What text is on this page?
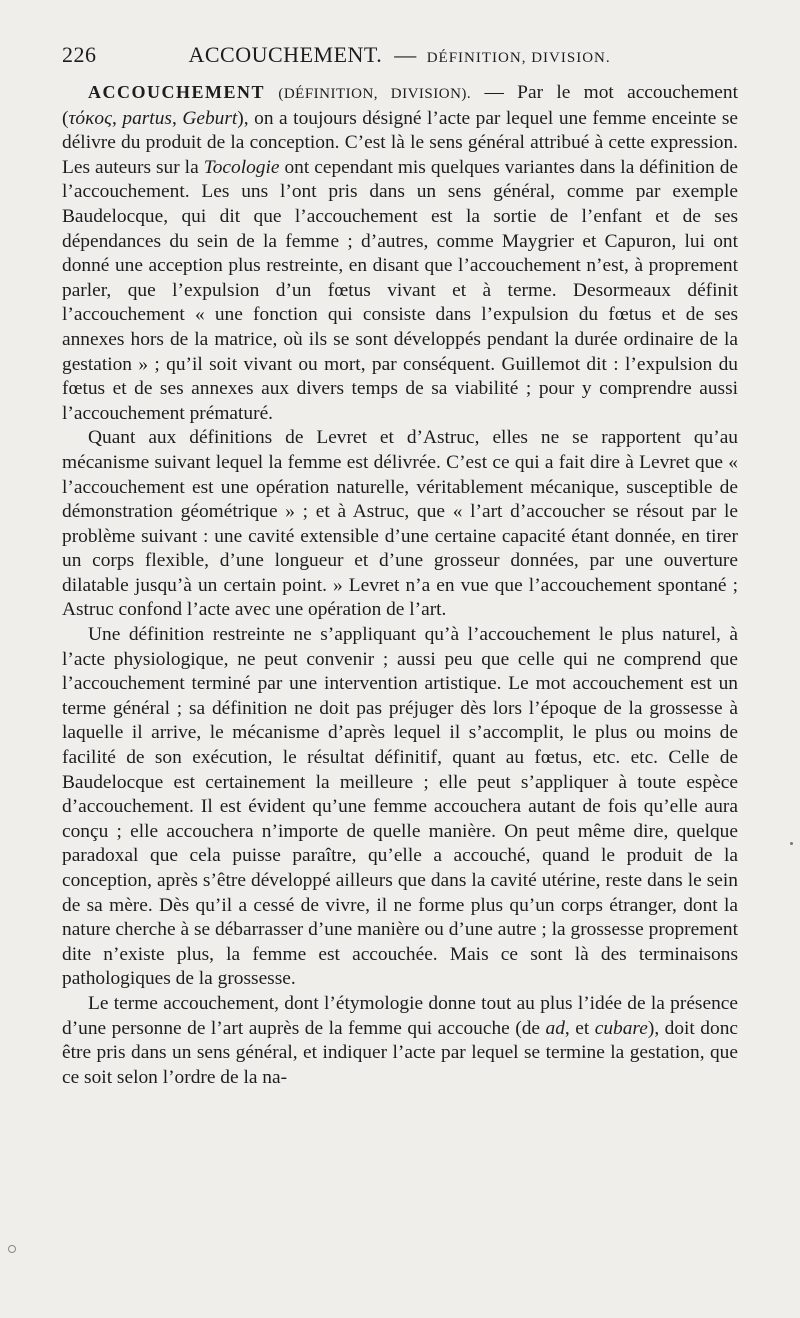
226	ACCOUCHEMENT. — DÉFINITION, DIVISION.

ACCOUCHEMENT (DÉFINITION, DIVISION). — Par le mot accouchement (τόκος, partus, Geburt), on a toujours désigné l’acte par lequel une femme enceinte se délivre du produit de la conception. C’est là le sens général attribué à cette expression. Les auteurs sur la Tocologie ont cependant mis quelques variantes dans la définition de l’accouchement. Les uns l’ont pris dans un sens général, comme par exemple Baudelocque, qui dit que l’accouchement est la sortie de l’enfant et de ses dépendances du sein de la femme ; d’autres, comme Maygrier et Capuron, lui ont donné une acception plus restreinte, en disant que l’accouchement n’est, à proprement parler, que l’expulsion d’un fœtus vivant et à terme. Desormeaux définit l’accouchement « une fonction qui consiste dans l’expulsion du fœtus et de ses annexes hors de la matrice, où ils se sont développés pendant la durée ordinaire de la gestation » ; qu’il soit vivant ou mort, par conséquent. Guillemot dit : l’expulsion du fœtus et de ses annexes aux divers temps de sa viabilité ; pour y comprendre aussi l’accouchement prématuré.

Quant aux définitions de Levret et d’Astruc, elles ne se rapportent qu’au mécanisme suivant lequel la femme est délivrée. C’est ce qui a fait dire à Levret que « l’accouchement est une opération naturelle, véritablement mécanique, susceptible de démonstration géométrique » ; et à Astruc, que « l’art d’accoucher se résout par le problème suivant : une cavité extensible d’une certaine capacité étant donnée, en tirer un corps flexible, d’une longueur et d’une grosseur données, par une ouverture dilatable jusqu’à un certain point. » Levret n’a en vue que l’accouchement spontané ; Astruc confond l’acte avec une opération de l’art.

Une définition restreinte ne s’appliquant qu’à l’accouchement le plus naturel, à l’acte physiologique, ne peut convenir ; aussi peu que celle qui ne comprend que l’accouchement terminé par une intervention artistique. Le mot accouchement est un terme général ; sa définition ne doit pas préjuger dès lors l’époque de la grossesse à laquelle il arrive, le mécanisme d’après lequel il s’accomplit, le plus ou moins de facilité de son exécution, le résultat définitif, quant au fœtus, etc. etc. Celle de Baudelocque est certainement la meilleure ; elle peut s’appliquer à toute espèce d’accouchement. Il est évident qu’une femme accouchera autant de fois qu’elle aura conçu ; elle accouchera n’importe de quelle manière. On peut même dire, quelque paradoxal que cela puisse paraître, qu’elle a accouché, quand le produit de la conception, après s’être développé ailleurs que dans la cavité utérine, reste dans le sein de sa mère. Dès qu’il a cessé de vivre, il ne forme plus qu’un corps étranger, dont la nature cherche à se débarrasser d’une manière ou d’une autre ; la grossesse proprement dite n’existe plus, la femme est accouchée. Mais ce sont là des terminaisons pathologiques de la grossesse.

Le terme accouchement, dont l’étymologie donne tout au plus l’idée de la présence d’une personne de l’art auprès de la femme qui accouche (de ad, et cubare), doit donc être pris dans un sens général, et indiquer l’acte par lequel se termine la gestation, que ce soit selon l’ordre de la na-
